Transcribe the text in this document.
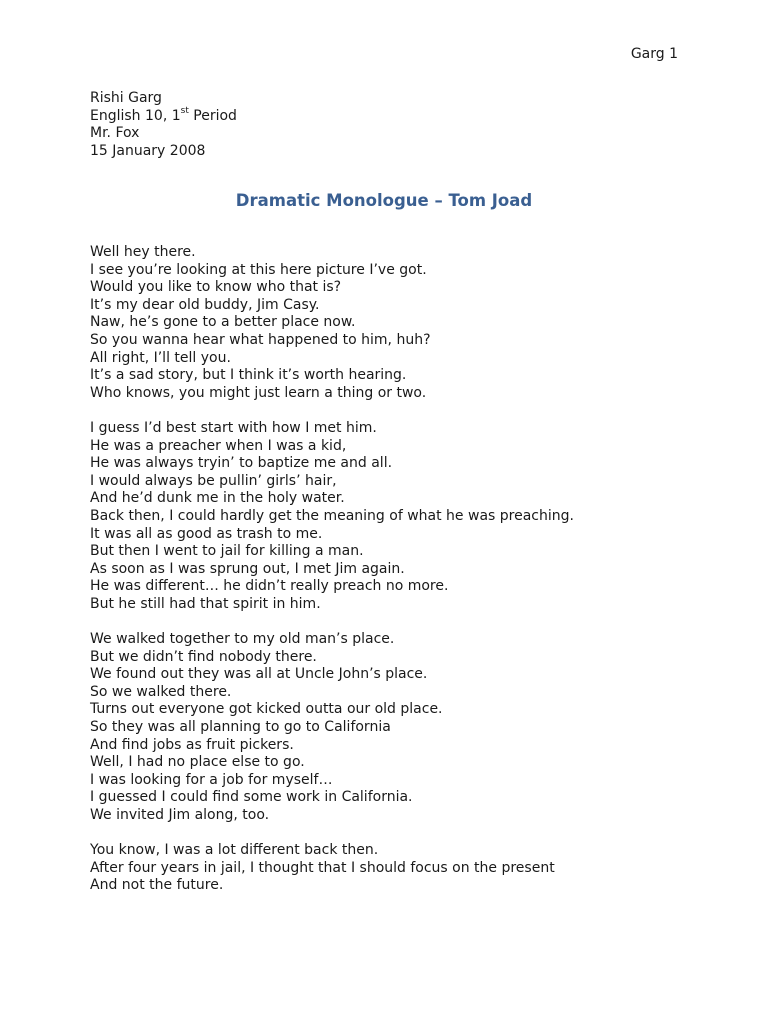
Garg 1
Rishi Garg
English 10, 1st Period
Mr. Fox
15 January 2008
Dramatic Monologue – Tom Joad
Well hey there.
I see you’re looking at this here picture I’ve got.
Would you like to know who that is?
It’s my dear old buddy, Jim Casy.
Naw, he’s gone to a better place now.
So you wanna hear what happened to him, huh?
All right, I’ll tell you.
It’s a sad story, but I think it’s worth hearing.
Who knows, you might just learn a thing or two.
I guess I’d best start with how I met him.
He was a preacher when I was a kid,
He was always tryin’ to baptize me and all.
I would always be pullin’ girls’ hair,
And he’d dunk me in the holy water.
Back then, I could hardly get the meaning of what he was preaching.
It was all as good as trash to me.
But then I went to jail for killing a man.
As soon as I was sprung out, I met Jim again.
He was different… he didn’t really preach no more.
But he still had that spirit in him.
We walked together to my old man’s place.
But we didn’t find nobody there.
We found out they was all at Uncle John’s place.
So we walked there.
Turns out everyone got kicked outta our old place.
So they was all planning to go to California
And find jobs as fruit pickers.
Well, I had no place else to go.
I was looking for a job for myself…
I guessed I could find some work in California.
We invited Jim along, too.
You know, I was a lot different back then.
After four years in jail, I thought that I should focus on the present
And not the future.
